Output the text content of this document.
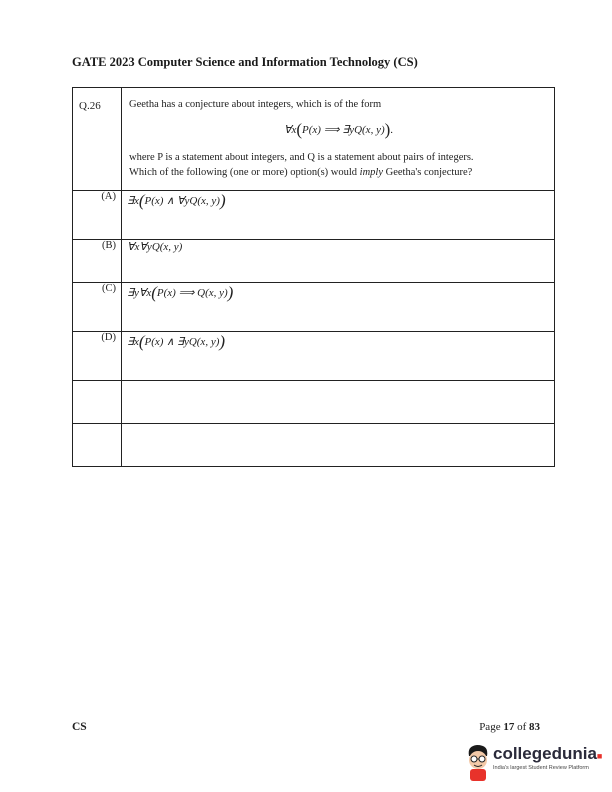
GATE 2023 Computer Science and Information Technology (CS)
Q.26	Geetha has a conjecture about integers, which is of the form
∀x(P(x) ⟹ ∃yQ(x, y)).
where P is a statement about integers, and Q is a statement about pairs of integers.
Which of the following (one or more) option(s) would imply Geetha's conjecture?

(A)	∃x(P(x) ∧ ∀yQ(x, y))
(B)	∀x∀yQ(x, y)
(C)	∃y∀x(P(x) ⟹ Q(x, y))
(D)	∃x(P(x) ∧ ∃yQ(x, y))

CS	Page 17 of 83
collegedunia■
India's largest Student Review Platform
